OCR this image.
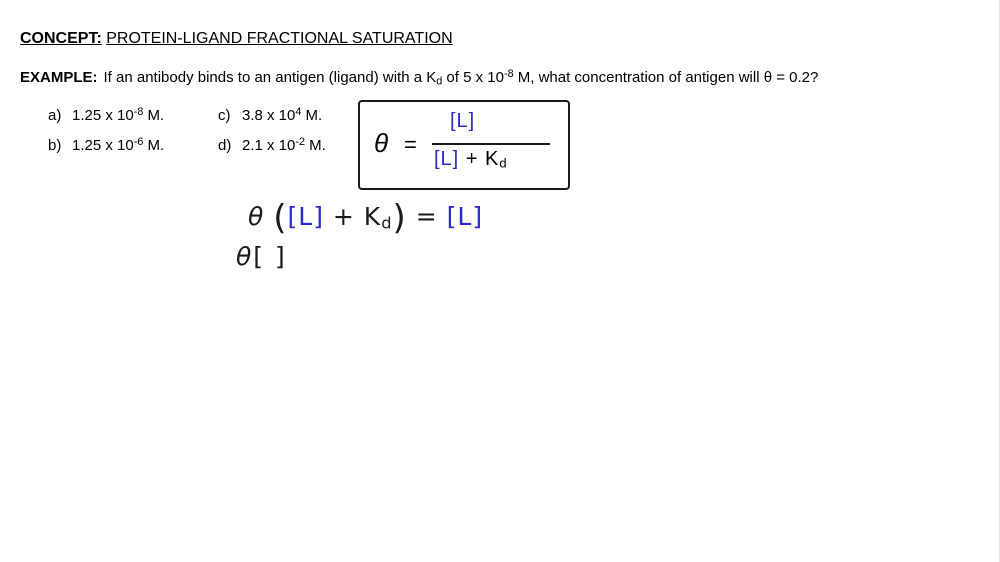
CONCEPT: PROTEIN-LIGAND FRACTIONAL SATURATION
EXAMPLE: If an antibody binds to an antigen (ligand) with a $K_d$ of 5 x $10^{-8}$ M, what concentration of antigen will θ = 0.2?
a) 1.25 x $10^{-8}$ M.	c) 3.8 x $10^4$ M.
b) 1.25 x $10^{-6}$ M.	d) 2.1 x $10^{-2}$ M. θ =
[L]
[L] + Kd
θ ([L] + Kd) = [L]
θ[ ]
